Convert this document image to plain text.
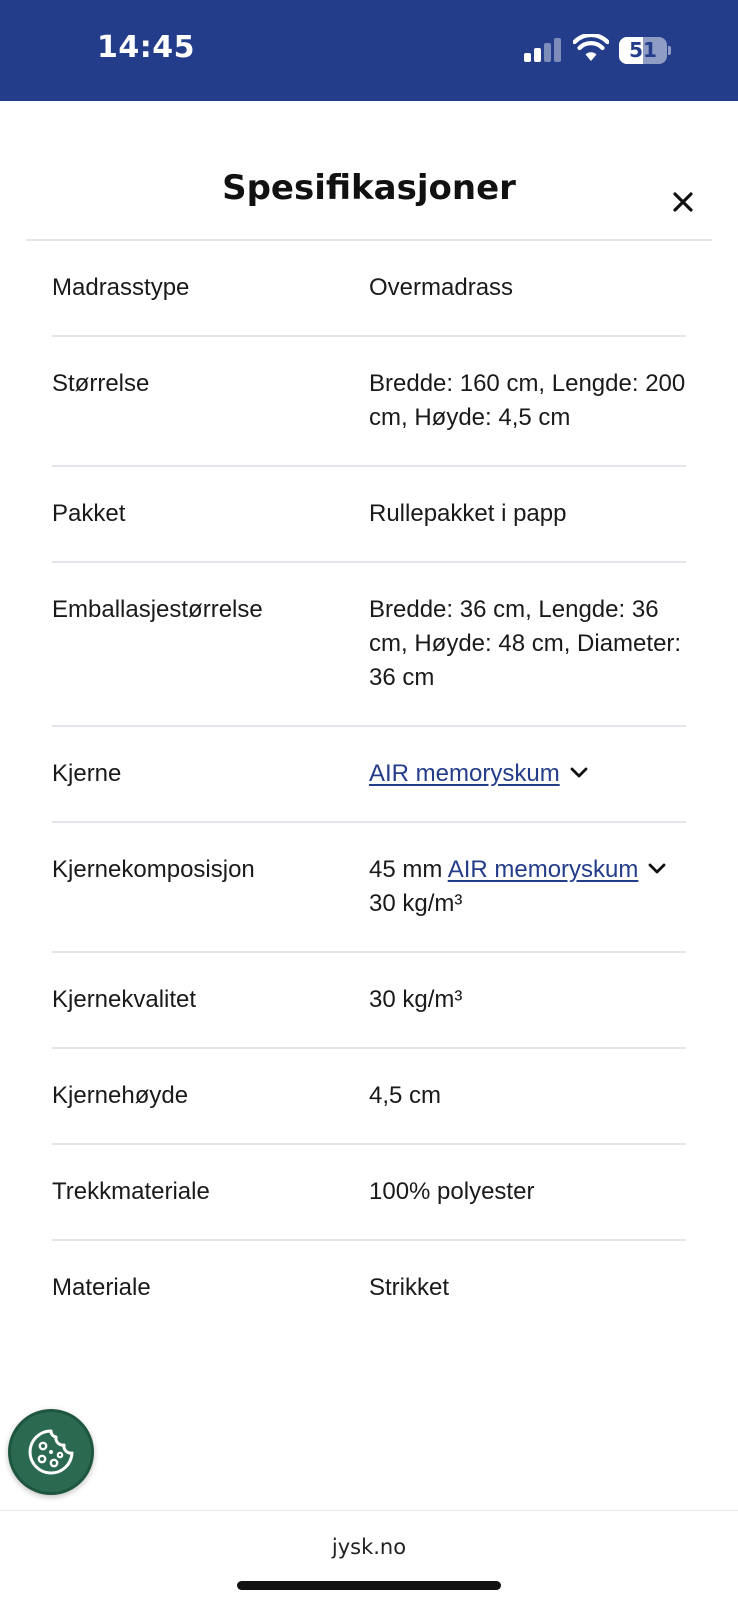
14:45	51
Spesifikasjoner
Madrasstype	Overmadrass
Størrelse	Bredde: 160 cm, Lengde: 200 cm, Høyde: 4,5 cm
Pakket	Rullepakket i papp
Emballasjestørrelse	Bredde: 36 cm, Lengde: 36 cm, Høyde: 48 cm, Diameter: 36 cm
Kjerne	AIR memoryskum
Kjernekomposisjon	45 mm AIR memoryskum
30 kg/m³
Kjernekvalitet	30 kg/m³
Kjernehøyde	4,5 cm
Trekkmateriale	100% polyester
Materiale	Strikket
jysk.no
